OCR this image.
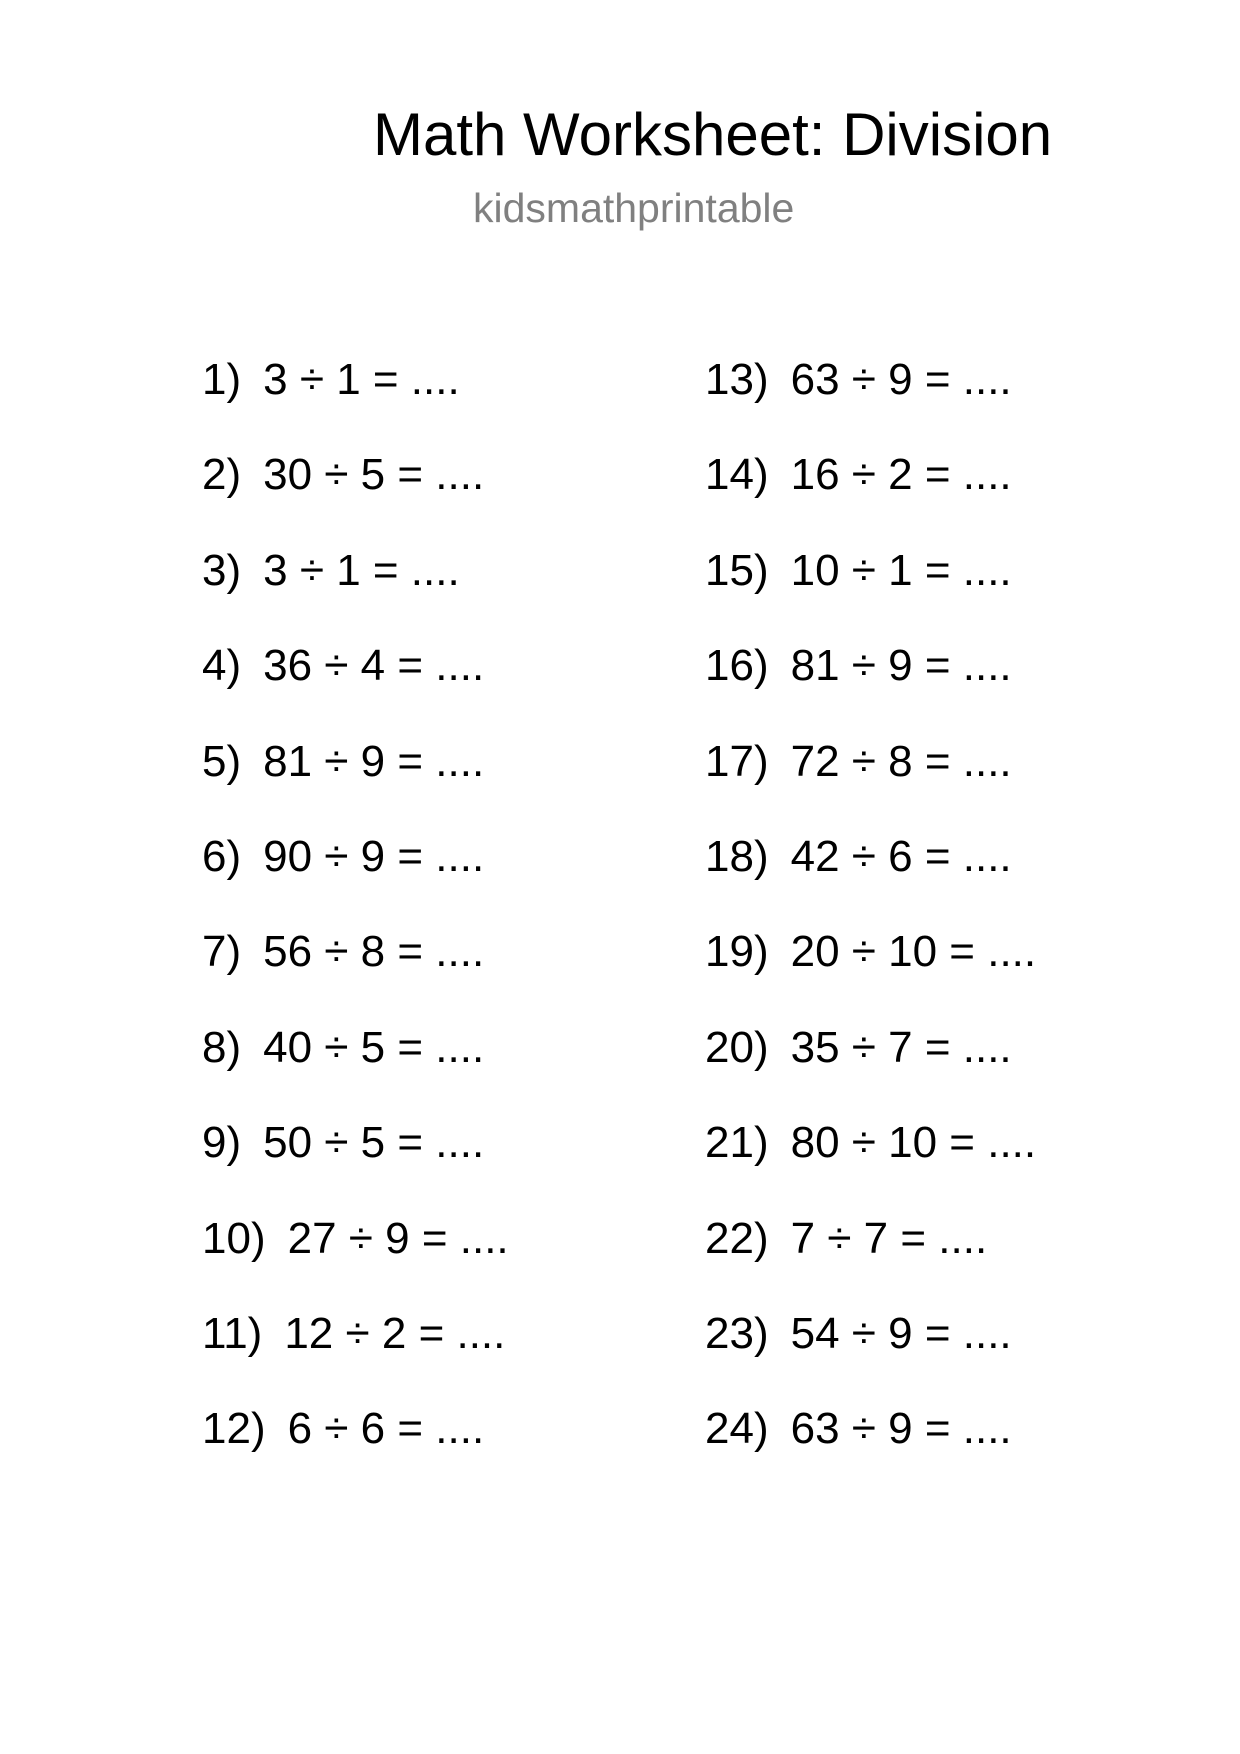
Math Worksheet: Division
kidsmathprintable
1) 3 ÷ 1 = ....
2) 30 ÷ 5 = ....
3) 3 ÷ 1 = ....
4) 36 ÷ 4 = ....
5) 81 ÷ 9 = ....
6) 90 ÷ 9 = ....
7) 56 ÷ 8 = ....
8) 40 ÷ 5 = ....
9) 50 ÷ 5 = ....
10) 27 ÷ 9 = ....
11) 12 ÷ 2 = ....
12) 6 ÷ 6 = ....
13) 63 ÷ 9 = ....
14) 16 ÷ 2 = ....
15) 10 ÷ 1 = ....
16) 81 ÷ 9 = ....
17) 72 ÷ 8 = ....
18) 42 ÷ 6 = ....
19) 20 ÷ 10 = ....
20) 35 ÷ 7 = ....
21) 80 ÷ 10 = ....
22) 7 ÷ 7 = ....
23) 54 ÷ 9 = ....
24) 63 ÷ 9 = ....
